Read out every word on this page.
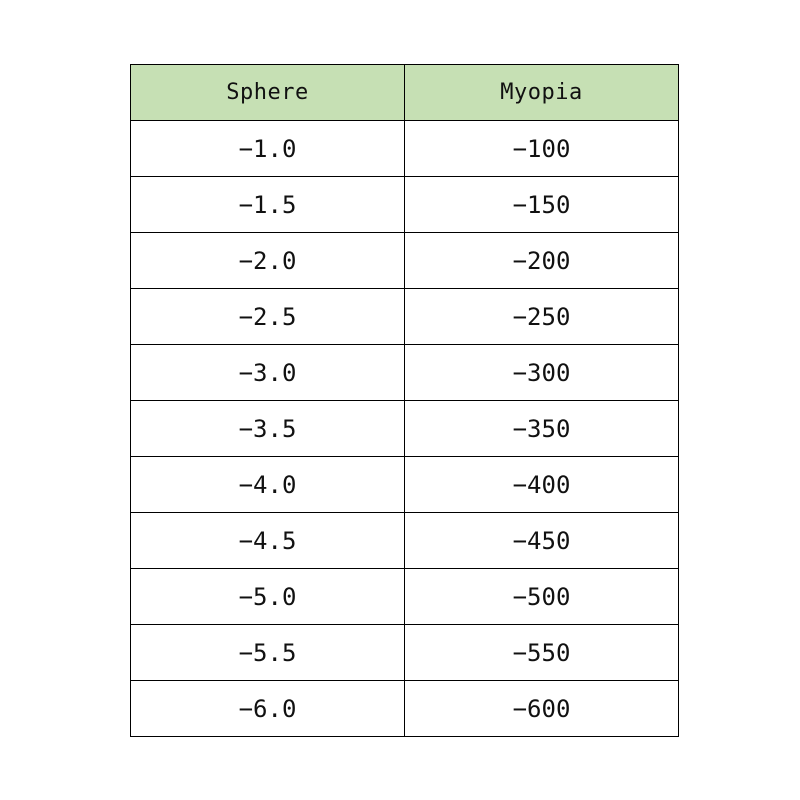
Sphere	Myopia
−1.0	−100
−1.5	−150
−2.0	−200
−2.5	−250
−3.0	−300
−3.5	−350
−4.0	−400
−4.5	−450
−5.0	−500
−5.5	−550
−6.0	−600
